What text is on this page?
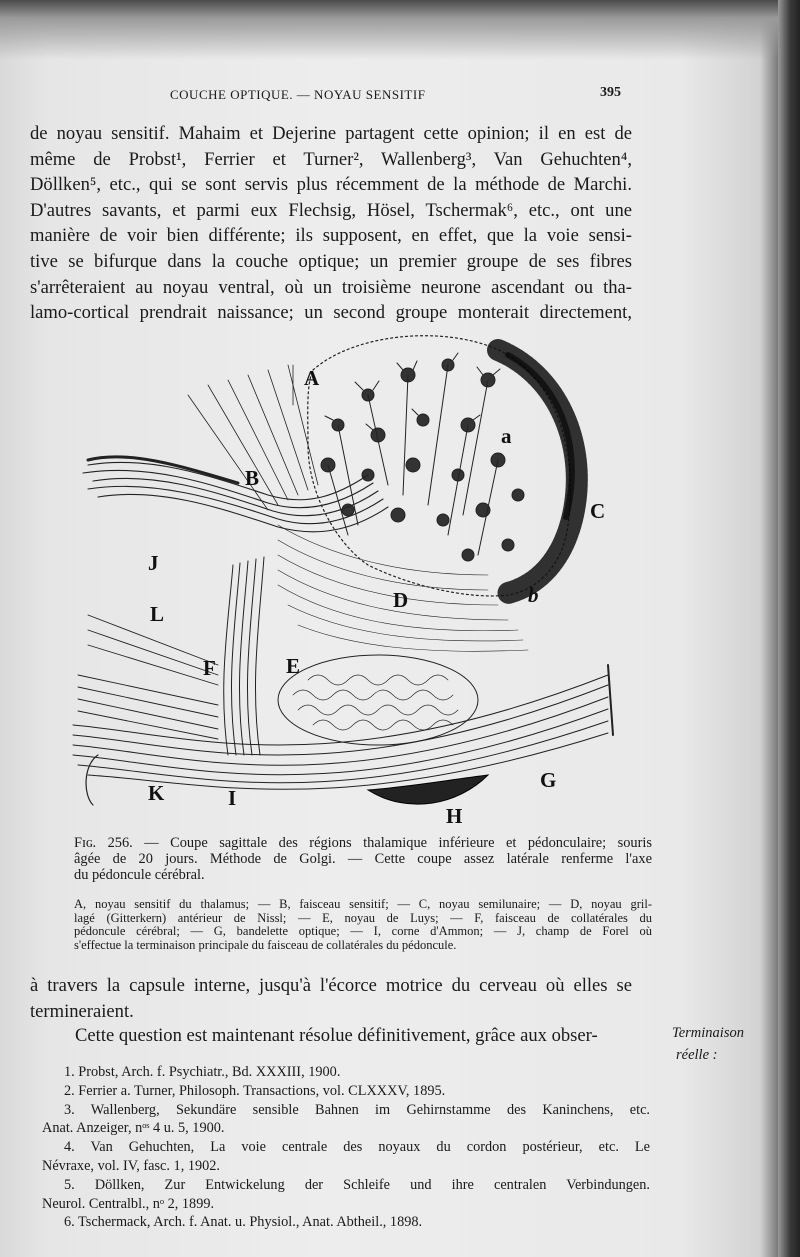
COUCHE OPTIQUE. — NOYAU SENSITIF	395
de noyau sensitif. Mahaim et Dejerine partagent cette opinion; il en est de
même de Probst¹, Ferrier et Turner², Wallenberg³, Van Gehuchten⁴,
Döllken⁵, etc., qui se sont servis plus récemment de la méthode de Marchi.
D'autres savants, et parmi eux Flechsig, Hösel, Tschermak⁶, etc., ont une
manière de voir bien différente; ils supposent, en effet, que la voie sensi-
tive se bifurque dans la couche optique; un premier groupe de ses fibres
s'arrêteraient au noyau ventral, où un troisième neurone ascendant ou tha-
lamo-cortical prendrait naissance; un second groupe monterait directement,
A
a
B
b
C
D
E
F
G
H
I
J
K
L
Fɪɢ. 256. — Coupe sagittale des régions thalamique inférieure et pédonculaire; souris
âgée de 20 jours. Méthode de Golgi. — Cette coupe assez latérale renferme l'axe
du pédoncule cérébral.
A, noyau sensitif du thalamus; — B, faisceau sensitif; — C, noyau semilunaire; — D, noyau gril-
lagé (Gitterkern) antérieur de Nissl; — E, noyau de Luys; — F, faisceau de collatérales du
pédoncule cérébral; — G, bandelette optique; — I, corne d'Ammon; — J, champ de Forel où
s'effectue la terminaison principale du faisceau de collatérales du pédoncule.
à travers la capsule interne, jusqu'à l'écorce motrice du cerveau où elles se
termineraient.
Cette question est maintenant résolue définitivement, grâce aux obser-	Terminaison
réelle :
1. Probst, Arch. f. Psychiatr., Bd. XXXIII, 1900.
2. Ferrier a. Turner, Philosoph. Transactions, vol. CLXXXV, 1895.
3. Wallenberg, Sekundäre sensible Bahnen im Gehirnstamme des Kaninchens, etc.
Anat. Anzeiger, nᵒˢ 4 u. 5, 1900.
4. Van Gehuchten, La voie centrale des noyaux du cordon postérieur, etc. Le
Névraxe, vol. IV, fasc. 1, 1902.
5. Döllken, Zur Entwickelung der Schleife und ihre centralen Verbindungen.
Neurol. Centralbl., nᵒ 2, 1899.
6. Tschermack, Arch. f. Anat. u. Physiol., Anat. Abtheil., 1898.
